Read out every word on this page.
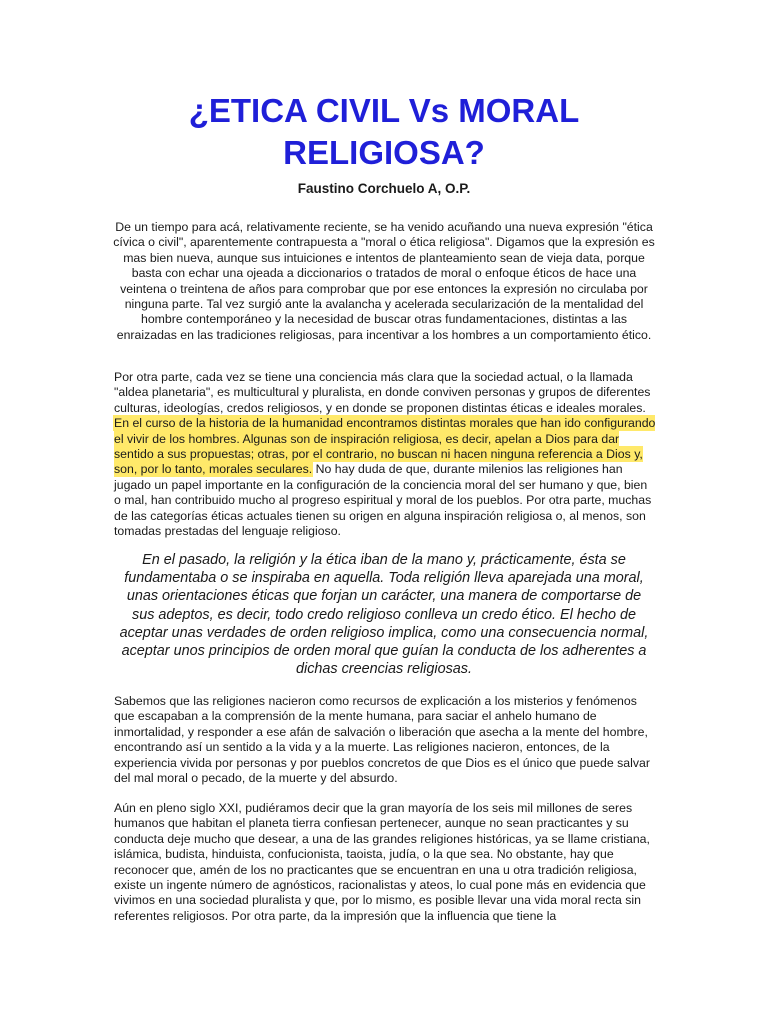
¿ETICA CIVIL Vs MORAL RELIGIOSA?

Faustino Corchuelo A, O.P.

De un tiempo para acá, relativamente reciente, se ha venido acuñando una nueva expresión "ética cívica o civil", aparentemente contrapuesta a "moral o ética religiosa". Digamos que la expresión es mas bien nueva, aunque sus intuiciones e intentos de planteamiento sean de vieja data, porque basta con echar una ojeada a diccionarios o tratados de moral o enfoque éticos de hace una veintena o treintena de años para comprobar que por ese entonces la expresión no circulaba por ninguna parte. Tal vez surgió ante la avalancha y acelerada secularización de la mentalidad del hombre contemporáneo y la necesidad de buscar otras fundamentaciones, distintas a las enraizadas en las tradiciones religiosas, para incentivar a los hombres a un comportamiento ético.

Por otra parte, cada vez se tiene una conciencia más clara que la sociedad actual, o la llamada "aldea planetaria", es multicultural y pluralista, en donde conviven personas y grupos de diferentes culturas, ideologías, credos religiosos, y en donde se proponen distintas éticas e ideales morales. En el curso de la historia de la humanidad encontramos distintas morales que han ido configurando el vivir de los hombres. Algunas son de inspiración religiosa, es decir, apelan a Dios para dar sentido a sus propuestas; otras, por el contrario, no buscan ni hacen ninguna referencia a Dios y, son, por lo tanto, morales seculares. No hay duda de que, durante milenios las religiones han jugado un papel importante en la configuración de la conciencia moral del ser humano y que, bien o mal, han contribuido mucho al progreso espiritual y moral de los pueblos. Por otra parte, muchas de las categorías éticas actuales tienen su origen en alguna inspiración religiosa o, al menos, son tomadas prestadas del lenguaje religioso.

En el pasado, la religión y la ética iban de la mano y, prácticamente, ésta se fundamentaba o se inspiraba en aquella. Toda religión lleva aparejada una moral, unas orientaciones éticas que forjan un carácter, una manera de comportarse de sus adeptos, es decir, todo credo religioso conlleva un credo ético. El hecho de aceptar unas verdades de orden religioso implica, como una consecuencia normal, aceptar unos principios de orden moral que guían la conducta de los adherentes a dichas creencias religiosas.

Sabemos que las religiones nacieron como recursos de explicación a los misterios y fenómenos que escapaban a la comprensión de la mente humana, para saciar el anhelo humano de inmortalidad, y responder a ese afán de salvación o liberación que asecha a la mente del hombre, encontrando así un sentido a la vida y a la muerte. Las religiones nacieron, entonces, de la experiencia vivida por personas y por pueblos concretos de que Dios es el único que puede salvar del mal moral o pecado, de la muerte y del absurdo.

Aún en pleno siglo XXI, pudiéramos decir que la gran mayoría de los seis mil millones de seres humanos que habitan el planeta tierra confiesan pertenecer, aunque no sean practicantes y su conducta deje mucho que desear, a una de las grandes religiones históricas, ya se llame cristiana, islámica, budista, hinduista, confucionista, taoista, judía, o la que sea. No obstante, hay que reconocer que, amén de los no practicantes que se encuentran en una u otra tradición religiosa, existe un ingente número de agnósticos, racionalistas y ateos, lo cual pone más en evidencia que vivimos en una sociedad pluralista y que, por lo mismo, es posible llevar una vida moral recta sin referentes religiosos. Por otra parte, da la impresión que la influencia que tiene la
